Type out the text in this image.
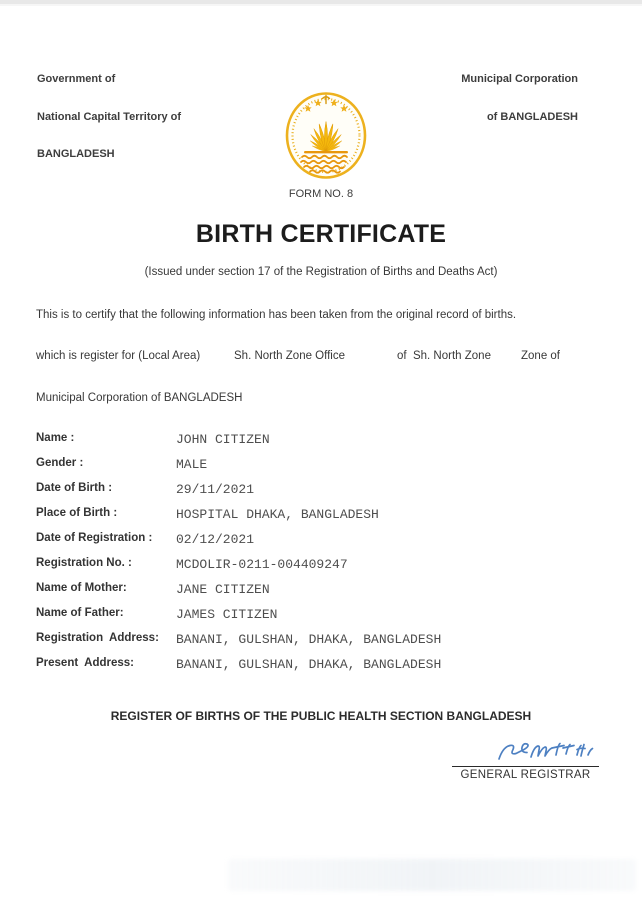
Government of

National Capital Territory of

BANGLADESH

Municipal Corporation

of BANGLADESH

FORM NO. 8
BIRTH CERTIFICATE
(Issued under section 17 of the Registration of Births and Deaths Act)
This is to certify that the following information has been taken from the original record of births.
which is register for (Local Area)	Sh. North Zone Office	of  Sh. North Zone	Zone of
Municipal Corporation of BANGLADESH
Name :	JOHN CITIZEN
Gender :	MALE
Date of Birth :	29/11/2021
Place of Birth :	HOSPITAL DHAKA, BANGLADESH
Date of Registration : 02/12/2021
Registration No. :	MCDOLIR-0211-004409247
Name of Mother:	JANE CITIZEN
Name of Father:	JAMES CITIZEN
Registration  Address: BANANI, GULSHAN, DHAKA, BANGLADESH
Present  Address:	BANANI, GULSHAN, DHAKA, BANGLADESH
REGISTER OF BIRTHS OF THE PUBLIC HEALTH SECTION BANGLADESH
GENERAL REGISTRAR
